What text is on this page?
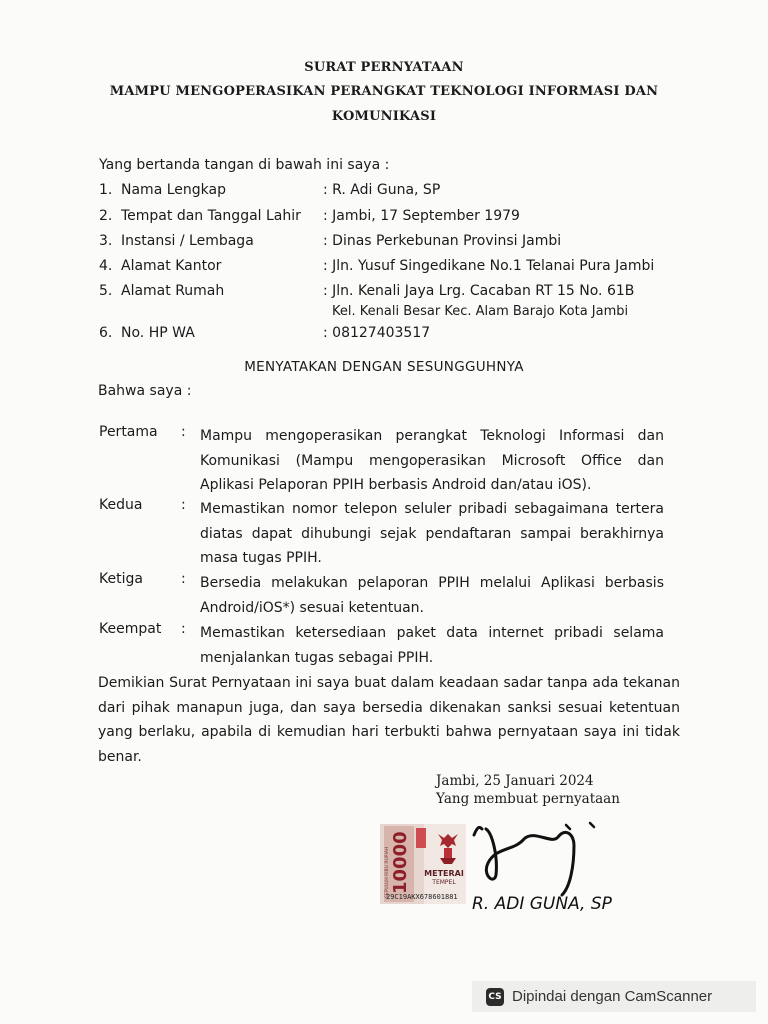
SURAT PERNYATAAN
MAMPU MENGOPERASIKAN PERANGKAT TEKNOLOGI INFORMASI DAN
KOMUNIKASI
Yang bertanda tangan di bawah ini saya :
1. Nama Lengkap	: R. Adi Guna, SP
2. Tempat dan Tanggal Lahir : Jambi, 17 September 1979
3. Instansi / Lembaga	: Dinas Perkebunan Provinsi Jambi
4. Alamat Kantor	: Jln. Yusuf Singedikane No.1 Telanai Pura Jambi
5. Alamat Rumah	: Jln. Kenali Jaya Lrg. Cacaban RT 15 No. 61B
Kel. Kenali Besar Kec. Alam Barajo Kota Jambi
6. No. HP WA	: 08127403517
MENYATAKAN DENGAN SESUNGGUHNYA
Bahwa saya :
Pertama : Mampu mengoperasikan perangkat Teknologi Informasi dan Komunikasi (Mampu mengoperasikan Microsoft Office dan Aplikasi Pelaporan PPIH berbasis Android dan/atau iOS).
Kedua	: Memastikan nomor telepon seluler pribadi sebagaimana tertera diatas dapat dihubungi sejak pendaftaran sampai berakhirnya masa tugas PPIH.
Ketiga	: Bersedia melakukan pelaporan PPIH melalui Aplikasi berbasis Android/iOS*) sesuai ketentuan.
Keempat : Memastikan ketersediaan paket data internet pribadi selama menjalankan tugas sebagai PPIH.
Demikian Surat Pernyataan ini saya buat dalam keadaan sadar tanpa ada tekanan dari pihak manapun juga, dan saya bersedia dikenakan sanksi sesuai ketentuan yang berlaku, apabila di kemudian hari terbukti bahwa pernyataan saya ini tidak benar.
Jambi, 25 Januari 2024
Yang membuat pernyataan
10000
SEPULUH RIBU RUPIAH	METERAI
TEMPEL
29C19AKX678601881 R. ADI GUNA, SP
CS Dipindai dengan CamScanner
